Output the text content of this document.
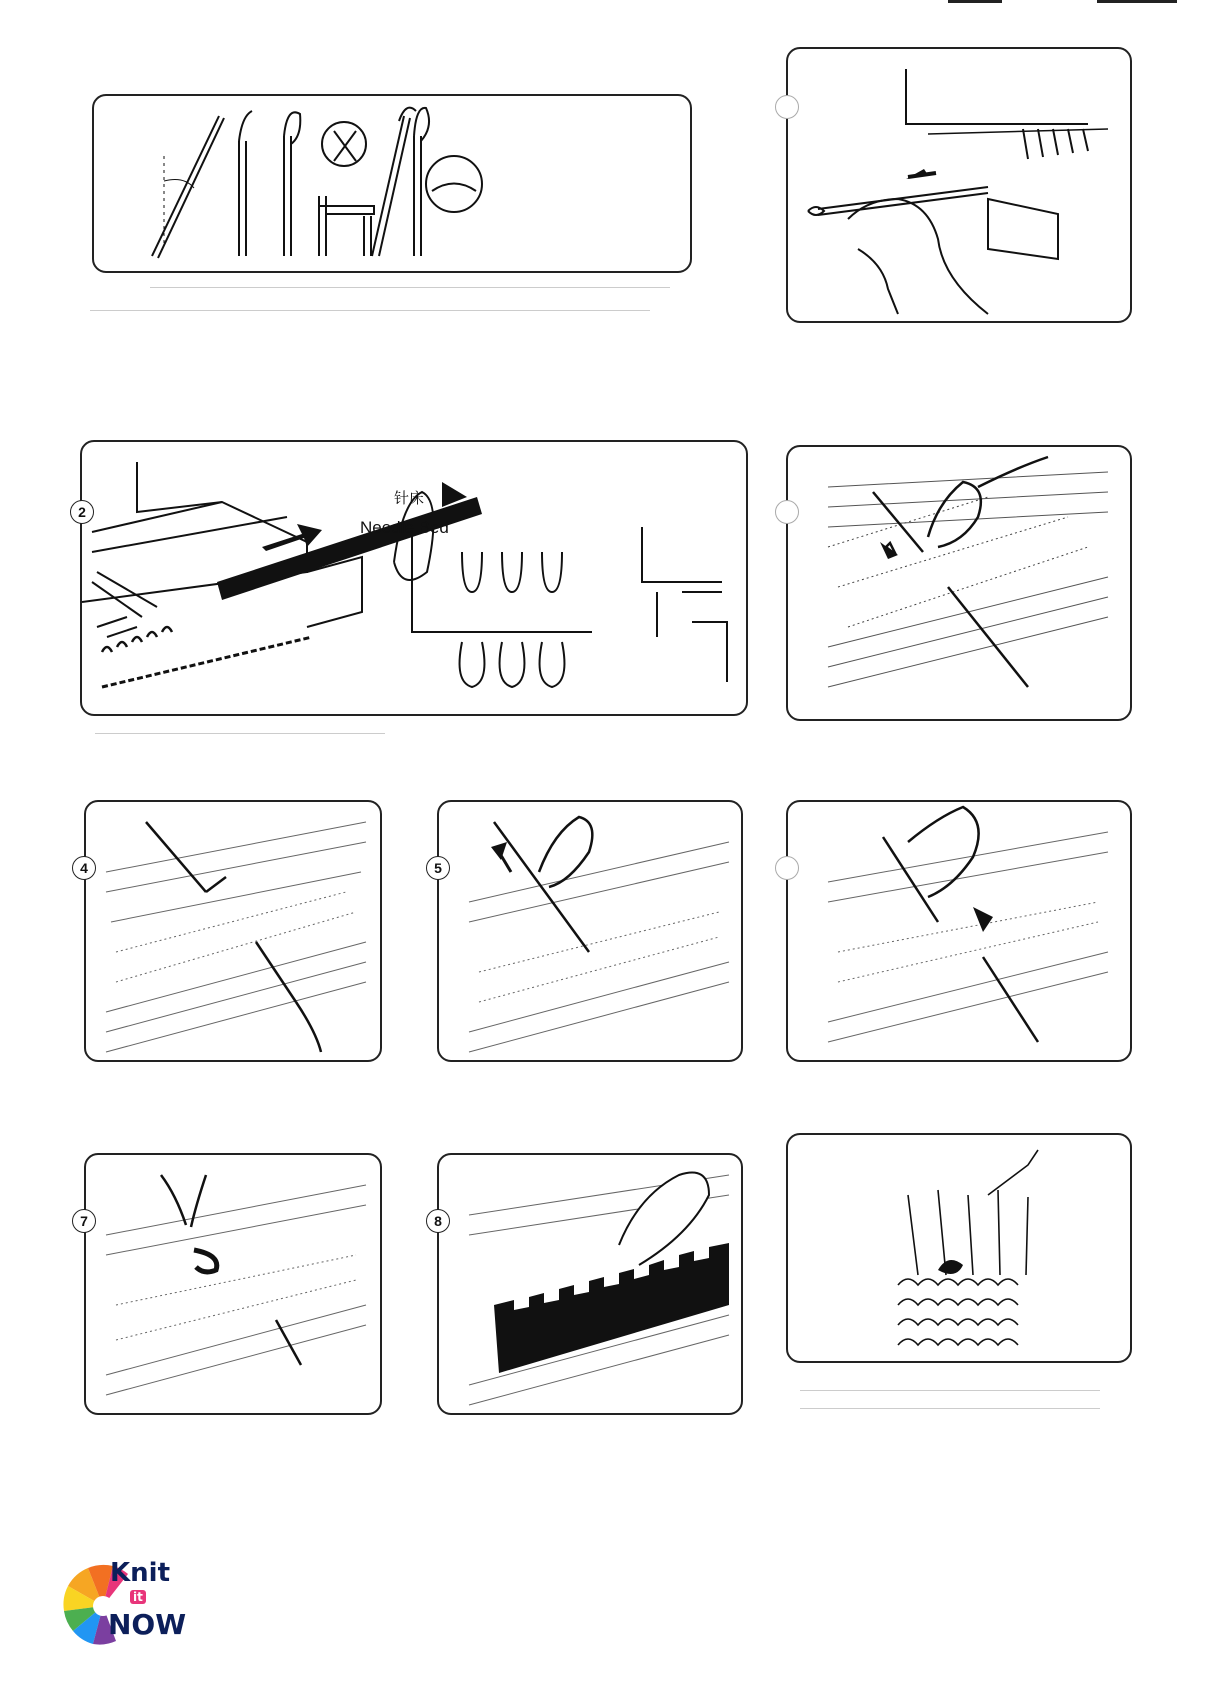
针床
Needle Bed
2
4	5
7	8
Knit
it
NOW
